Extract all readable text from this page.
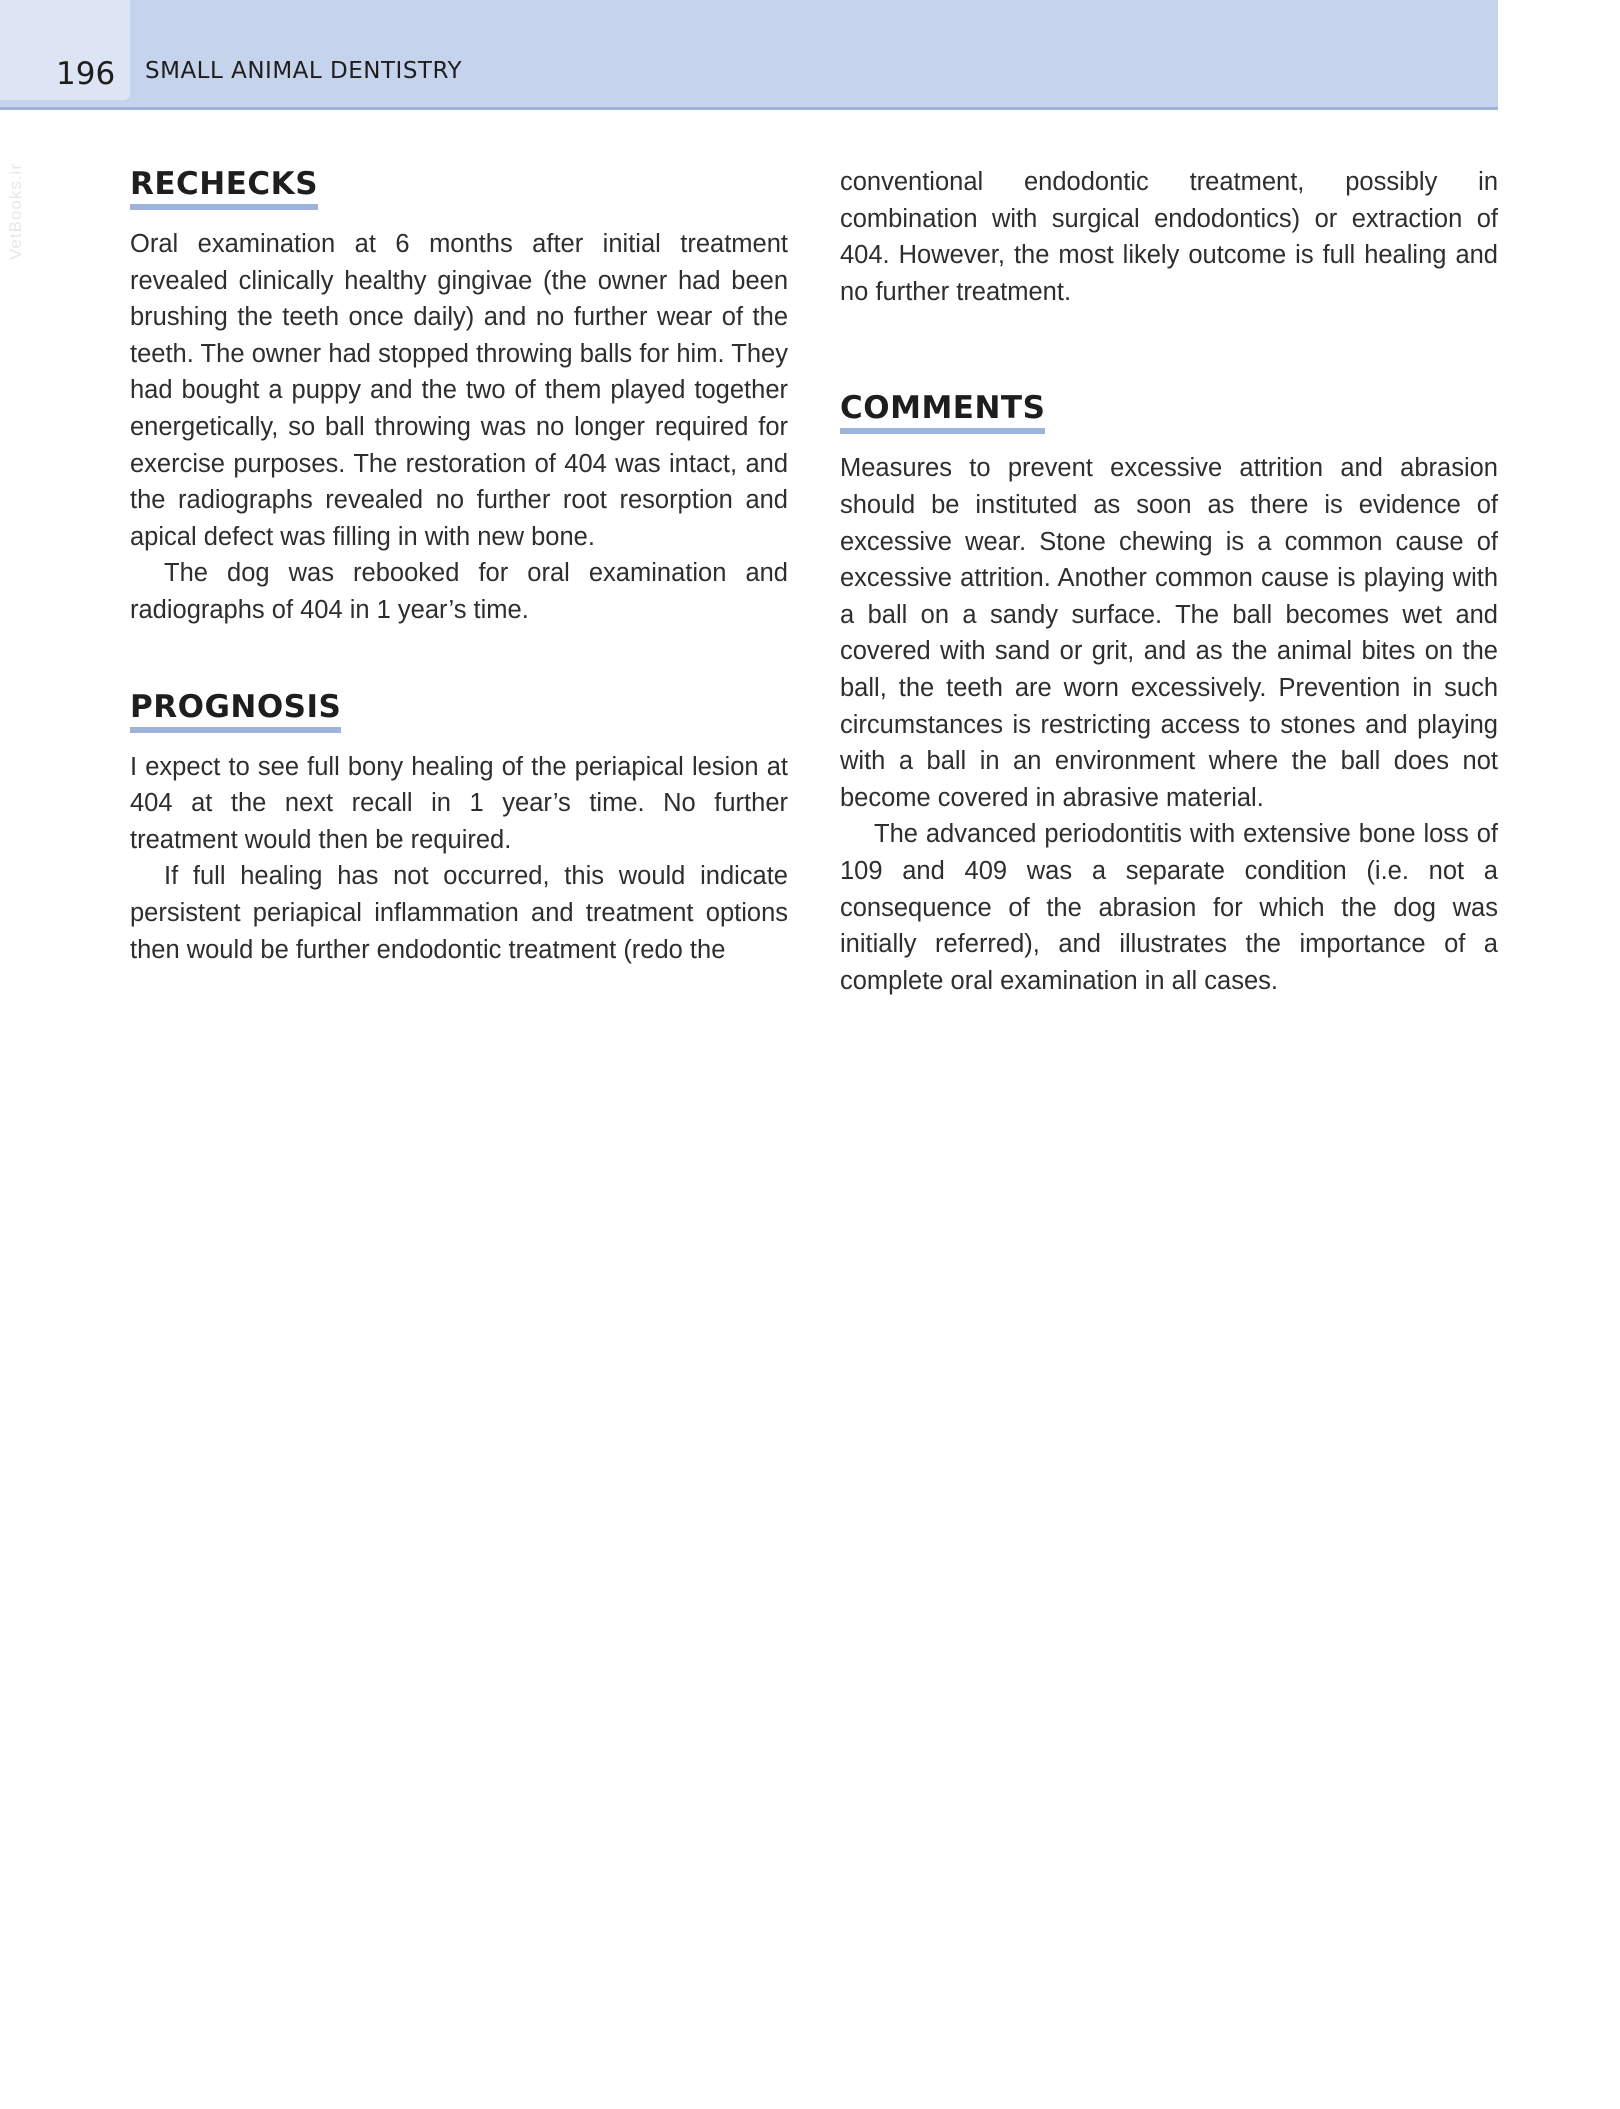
196 SMALL ANIMAL DENTISTRY
VetBooks.ir	RECHECKS

Oral examination at 6 months after initial treatment revealed clinically healthy gingivae (the owner had been brushing the teeth once daily) and no further wear of the teeth. The owner had stopped throwing balls for him. They had bought a puppy and the two of them played together energetically, so ball throwing was no longer required for exercise purposes. The restoration of 404 was intact, and the radiographs revealed no further root resorption and apical defect was filling in with new bone.

The dog was rebooked for oral examination and radiographs of 404 in 1 year’s time.

PROGNOSIS

I expect to see full bony healing of the periapical lesion at 404 at the next recall in 1 year’s time. No further treatment would then be required.

If full healing has not occurred, this would indicate persistent periapical inflammation and treatment options then would be further endodontic treatment (redo the

conventional endodontic treatment, possibly in combination with surgical endodontics) or extraction of 404. However, the most likely outcome is full healing and no further treatment.

COMMENTS

Measures to prevent excessive attrition and abrasion should be instituted as soon as there is evidence of excessive wear. Stone chewing is a common cause of excessive attrition. Another common cause is playing with a ball on a sandy surface. The ball becomes wet and covered with sand or grit, and as the animal bites on the ball, the teeth are worn excessively. Prevention in such circumstances is restricting access to stones and playing with a ball in an environment where the ball does not become covered in abrasive material.

The advanced periodontitis with extensive bone loss of 109 and 409 was a separate condition (i.e. not a consequence of the abrasion for which the dog was initially referred), and illustrates the importance of a complete oral examination in all cases.
